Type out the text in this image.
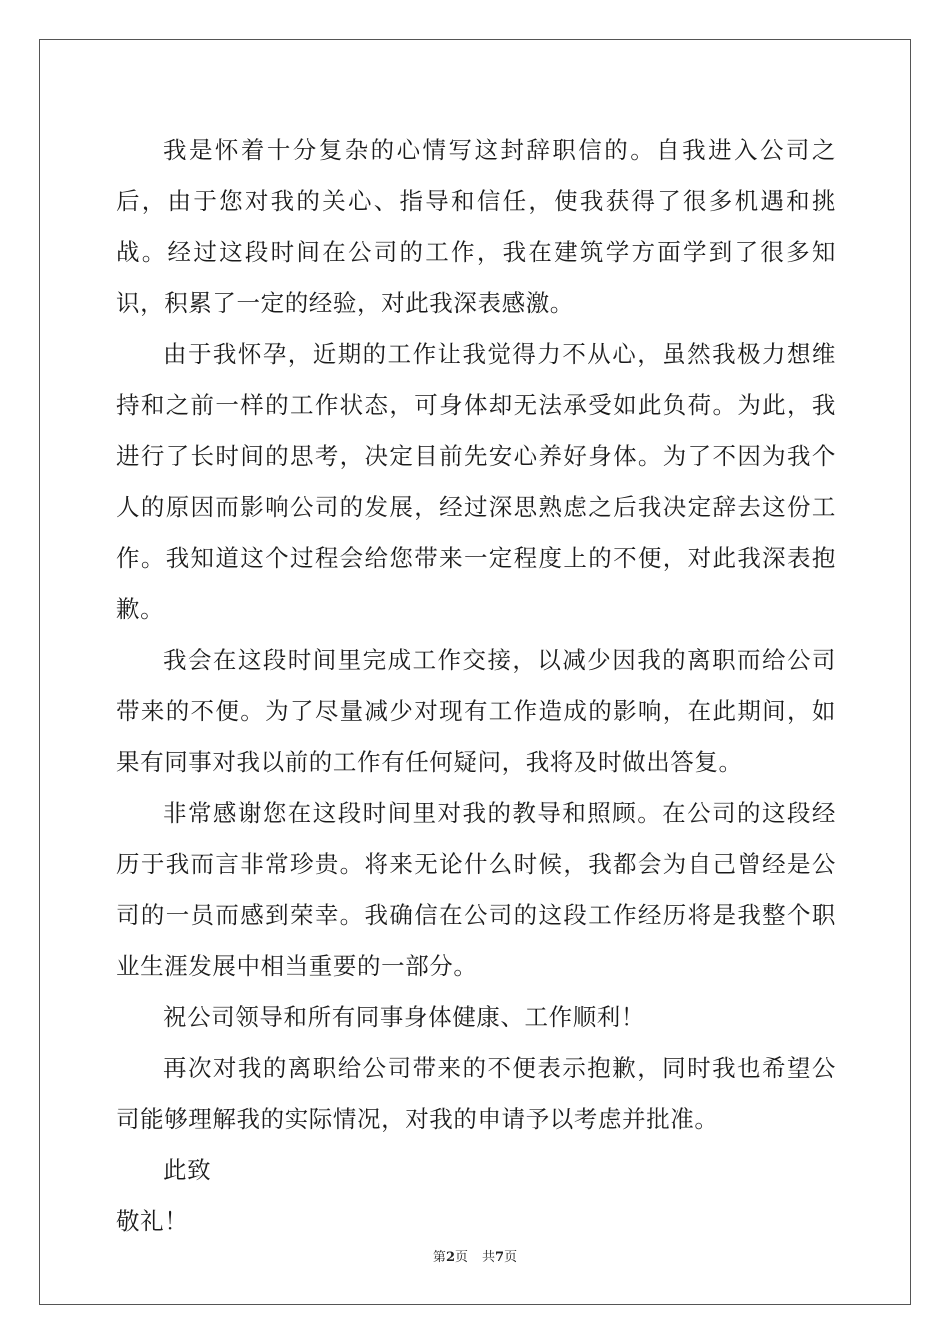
我是怀着十分复杂的心情写这封辞职信的。自我进入公司之后，由于您对我的关心、指导和信任，使我获得了很多机遇和挑战。经过这段时间在公司的工作，我在建筑学方面学到了很多知识，积累了一定的经验，对此我深表感激。

由于我怀孕，近期的工作让我觉得力不从心，虽然我极力想维持和之前一样的工作状态，可身体却无法承受如此负荷。为此，我进行了长时间的思考，决定目前先安心养好身体。为了不因为我个人的原因而影响公司的发展，经过深思熟虑之后我决定辞去这份工作。我知道这个过程会给您带来一定程度上的不便，对此我深表抱歉。

我会在这段时间里完成工作交接，以减少因我的离职而给公司带来的不便。为了尽量减少对现有工作造成的影响，在此期间，如果有同事对我以前的工作有任何疑问，我将及时做出答复。

非常感谢您在这段时间里对我的教导和照顾。在公司的这段经历于我而言非常珍贵。将来无论什么时候，我都会为自己曾经是公司的一员而感到荣幸。我确信在公司的这段工作经历将是我整个职业生涯发展中相当重要的一部分。

祝公司领导和所有同事身体健康、工作顺利！

再次对我的离职给公司带来的不便表示抱歉，同时我也希望公司能够理解我的实际情况，对我的申请予以考虑并批准。

此致

敬礼！

第2页 共7页
